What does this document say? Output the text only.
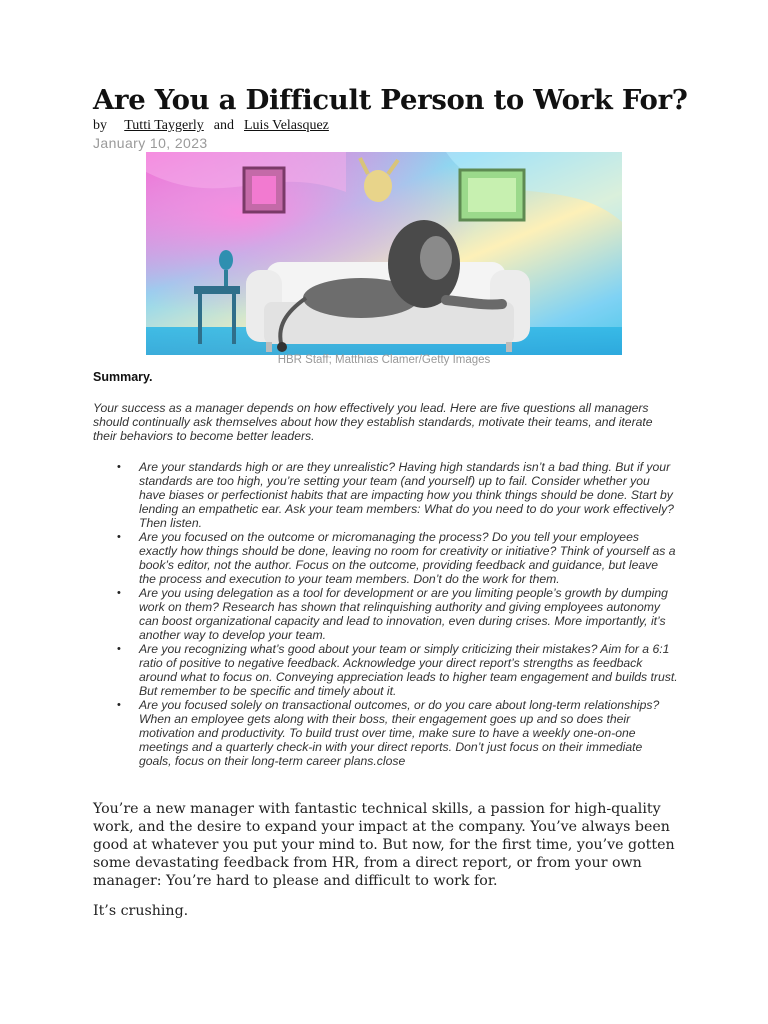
Are You a Difficult Person to Work For?
by Tutti Taygerly and Luis Velasquez
January 10, 2023
HBR Staff; Matthias Clamer/Getty Images
Summary.

Your success as a manager depends on how effectively you lead. Here are five questions all managers should continually ask themselves about how they establish standards, motivate their teams, and iterate their behaviors to become better leaders.

• Are your standards high or are they unrealistic? Having high standards isn’t a bad thing. But if your standards are too high, you’re setting your team (and yourself) up to fail. Consider whether you have biases or perfectionist habits that are impacting how you think things should be done. Start by lending an empathetic ear. Ask your team members: What do you need to do your work effectively? Then listen.
• Are you focused on the outcome or micromanaging the process? Do you tell your employees exactly how things should be done, leaving no room for creativity or initiative? Think of yourself as a book’s editor, not the author. Focus on the outcome, providing feedback and guidance, but leave the process and execution to your team members. Don’t do the work for them.
• Are you using delegation as a tool for development or are you limiting people’s growth by dumping work on them? Research has shown that relinquishing authority and giving employees autonomy can boost organizational capacity and lead to innovation, even during crises. More importantly, it’s another way to develop your team.
• Are you recognizing what’s good about your team or simply criticizing their mistakes? Aim for a 6:1 ratio of positive to negative feedback. Acknowledge your direct report’s strengths as feedback around what to focus on. Conveying appreciation leads to higher team engagement and builds trust. But remember to be specific and timely about it.
• Are you focused solely on transactional outcomes, or do you care about long-term relationships? When an employee gets along with their boss, their engagement goes up and so does their motivation and productivity. To build trust over time, make sure to have a weekly one-on-one meetings and a quarterly check-in with your direct reports. Don’t just focus on their immediate goals, focus on their long-term career plans.close

You’re a new manager with fantastic technical skills, a passion for high-quality work, and the desire to expand your impact at the company. You’ve always been good at whatever you put your mind to. But now, for the first time, you’ve gotten some devastating feedback from HR, from a direct report, or from your own manager: You’re hard to please and difficult to work for.

It’s crushing.
